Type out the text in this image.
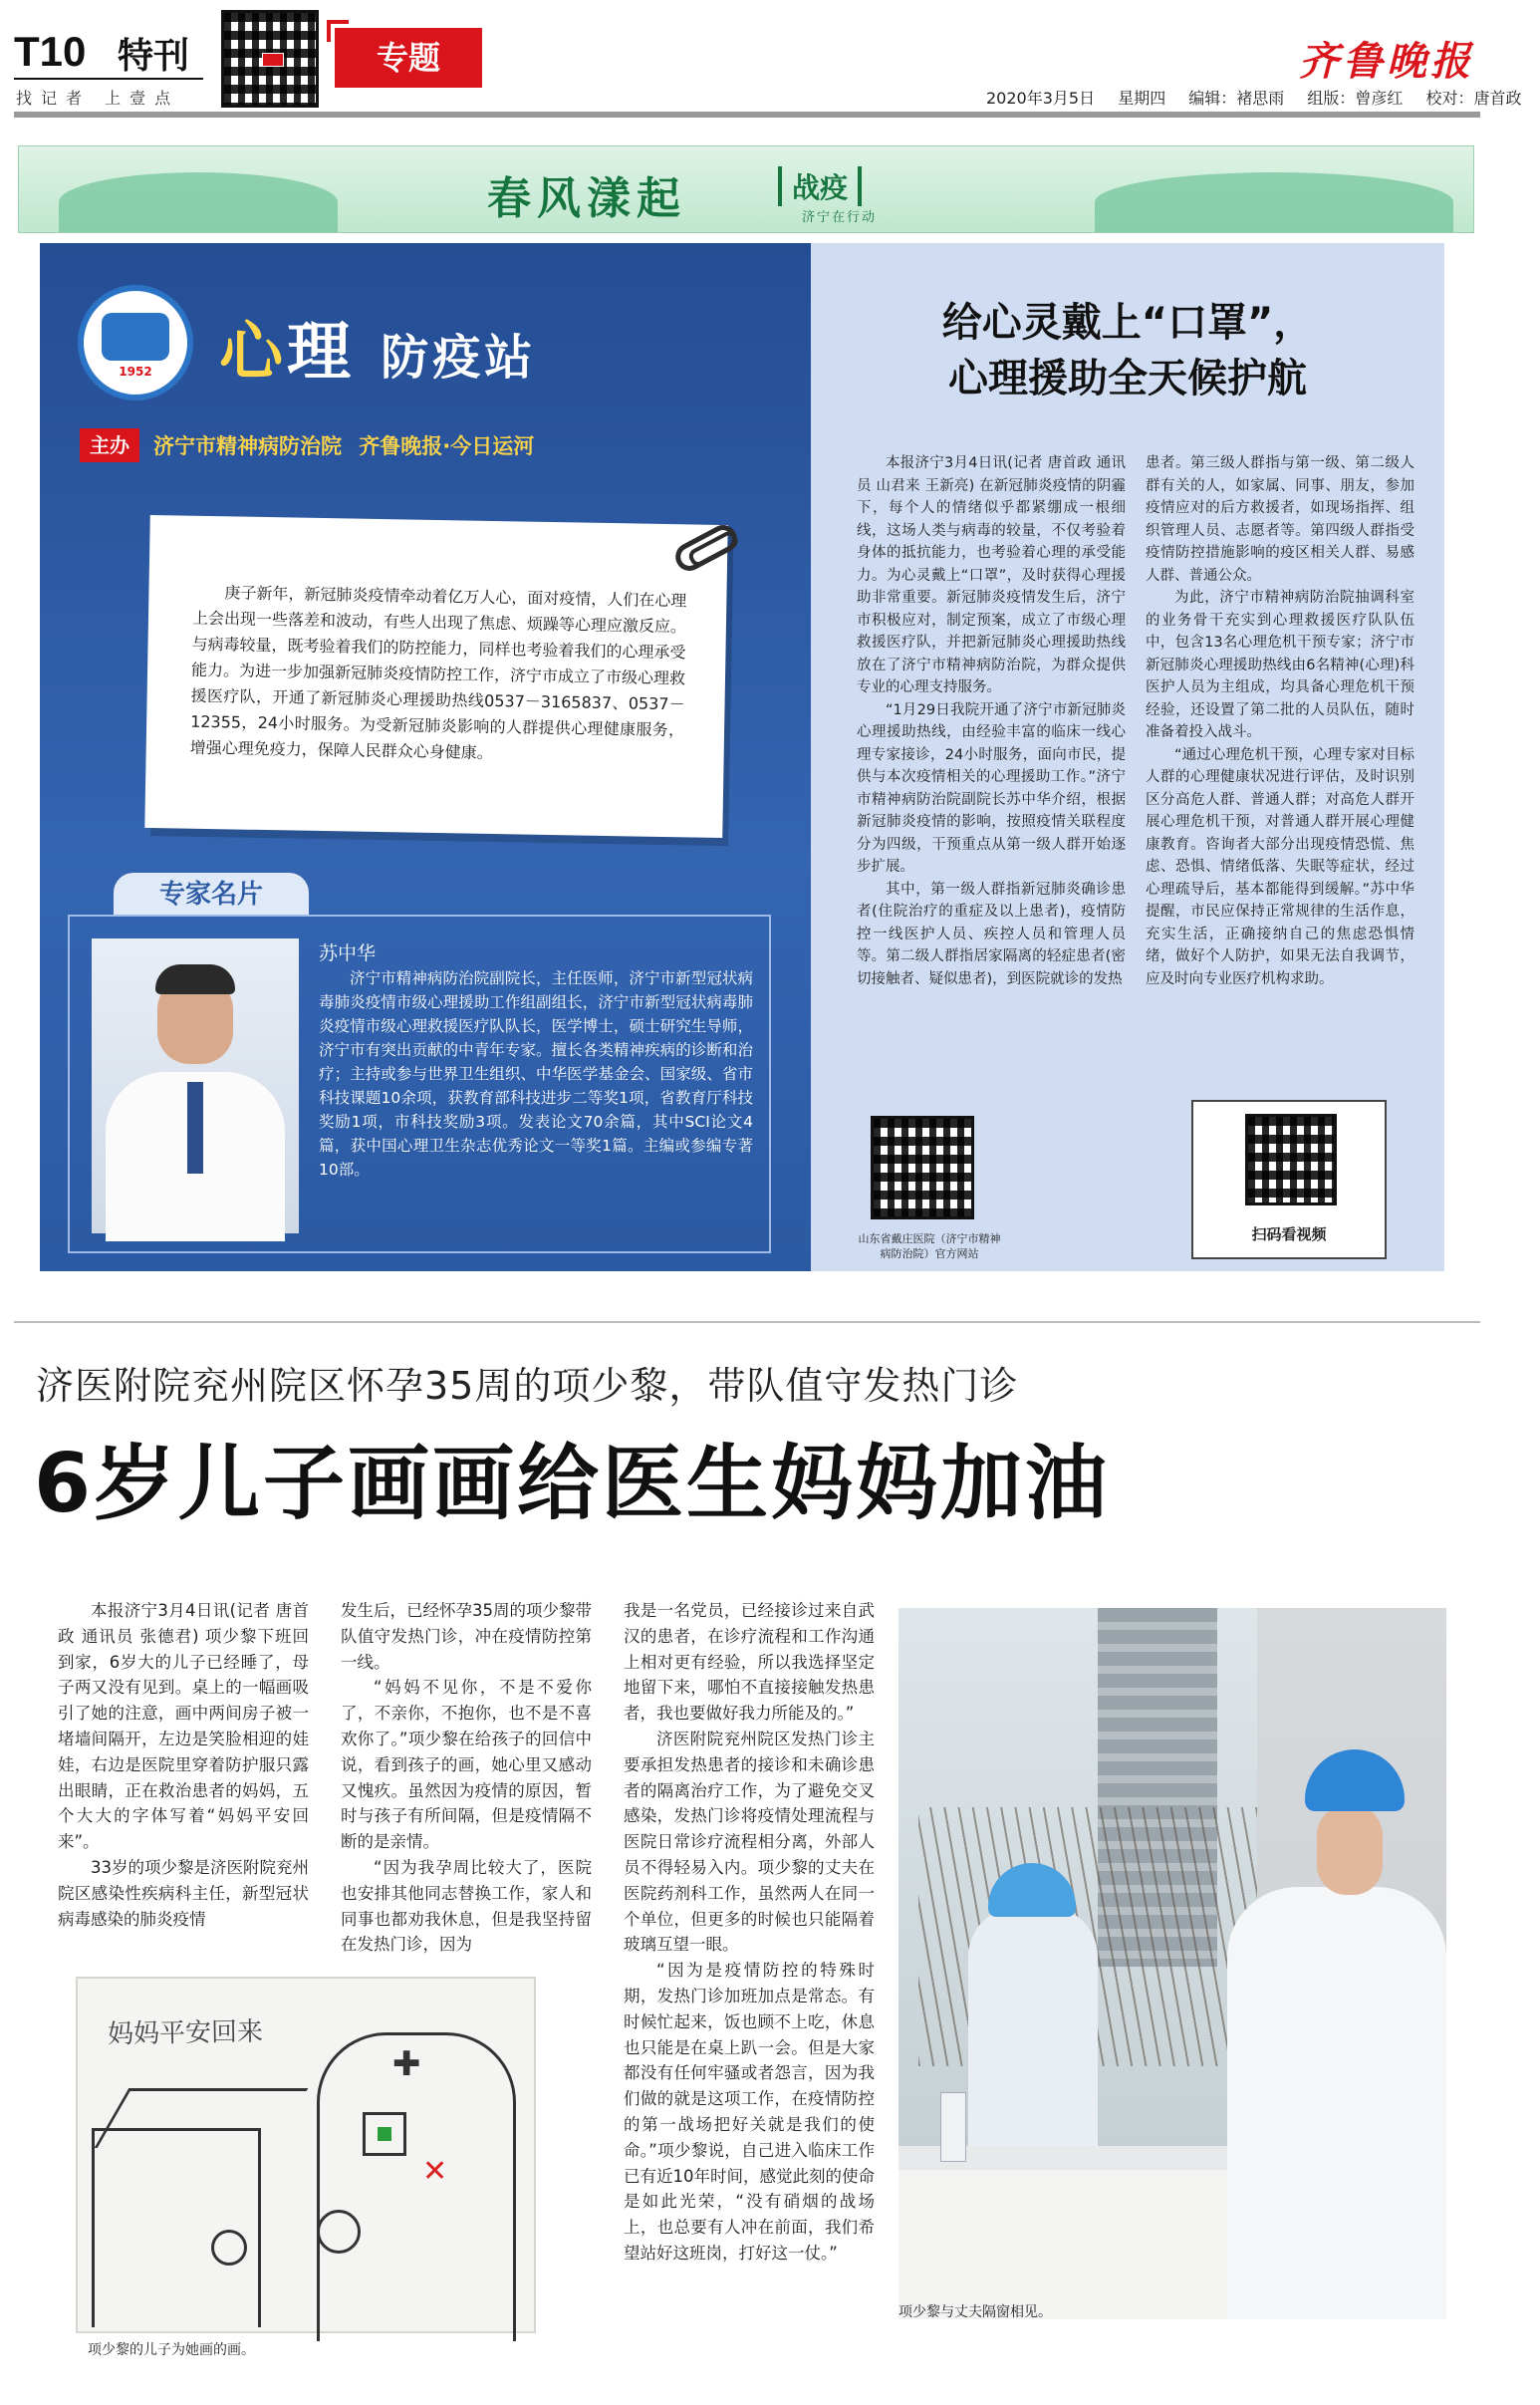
T10 特刊
找记者 上壹点
专题	齐鲁晚报
2020年3月5日 星期四 编辑：褚思雨 组版：曾彦红 校对：唐首政
春风漾起	战疫
济宁在行动
1952	心理 防疫站
主办	济宁市精神病防治院 齐鲁晚报·今日运河

庚子新年，新冠肺炎疫情牵动着亿万人心，面对疫情，人们在心理上会出现一些落差和波动，有些人出现了焦虑、烦躁等心理应激反应。与病毒较量，既考验着我们的防控能力，同样也考验着我们的心理承受能力。为进一步加强新冠肺炎疫情防控工作，济宁市成立了市级心理救援医疗队，开通了新冠肺炎心理援助热线0537－3165837、0537－12355，24小时服务。为受新冠肺炎影响的人群提供心理健康服务，增强心理免疫力，保障人民群众心身健康。

专家名片
苏中华

济宁市精神病防治院副院长，主任医师，济宁市新型冠状病毒肺炎疫情市级心理援助工作组副组长，济宁市新型冠状病毒肺炎疫情市级心理救援医疗队队长，医学博士，硕士研究生导师，济宁市有突出贡献的中青年专家。擅长各类精神疾病的诊断和治疗；主持或参与世界卫生组织、中华医学基金会、国家级、省市科技课题10余项，获教育部科技进步二等奖1项，省教育厅科技奖励1项，市科技奖励3项。发表论文70余篇，其中SCI论文4篇，获中国心理卫生杂志优秀论文一等奖1篇。主编或参编专著10部。

给心灵戴上“口罩”，
心理援助全天候护航

本报济宁3月4日讯(记者 唐首政 通讯员 山君来 王新亮) 在新冠肺炎疫情的阴霾下，每个人的情绪似乎都紧绷成一根细线，这场人类与病毒的较量，不仅考验着身体的抵抗能力，也考验着心理的承受能力。为心灵戴上“口罩”，及时获得心理援助非常重要。新冠肺炎疫情发生后，济宁市积极应对，制定预案，成立了市级心理救援医疗队，并把新冠肺炎心理援助热线放在了济宁市精神病防治院，为群众提供专业的心理支持服务。

“1月29日我院开通了济宁市新冠肺炎心理援助热线，由经验丰富的临床一线心理专家接诊，24小时服务，面向市民，提供与本次疫情相关的心理援助工作。”济宁市精神病防治院副院长苏中华介绍，根据新冠肺炎疫情的影响，按照疫情关联程度分为四级，干预重点从第一级人群开始逐步扩展。

其中，第一级人群指新冠肺炎确诊患者(住院治疗的重症及以上患者)，疫情防控一线医护人员、疾控人员和管理人员等。第二级人群指居家隔离的轻症患者(密切接触者、疑似患者)，到医院就诊的发热

患者。第三级人群指与第一级、第二级人群有关的人，如家属、同事、朋友，参加疫情应对的后方救援者，如现场指挥、组织管理人员、志愿者等。第四级人群指受疫情防控措施影响的疫区相关人群、易感人群、普通公众。

为此，济宁市精神病防治院抽调科室的业务骨干充实到心理救援医疗队队伍中，包含13名心理危机干预专家；济宁市新冠肺炎心理援助热线由6名精神(心理)科医护人员为主组成，均具备心理危机干预经验，还设置了第二批的人员队伍，随时准备着投入战斗。

“通过心理危机干预，心理专家对目标人群的心理健康状况进行评估，及时识别区分高危人群、普通人群；对高危人群开展心理危机干预，对普通人群开展心理健康教育。咨询者大部分出现疫情恐慌、焦虑、恐惧、情绪低落、失眠等症状，经过心理疏导后，基本都能得到缓解。”苏中华提醒，市民应保持正常规律的生活作息，充实生活，正确接纳自己的焦虑恐惧情绪，做好个人防护，如果无法自我调节，应及时向专业医疗机构求助。

山东省戴庄医院（济宁市精神病防治院）官方网站
扫码看视频
济医附院兖州院区怀孕35周的项少黎，带队值守发热门诊
6岁儿子画画给医生妈妈加油

本报济宁3月4日讯(记者 唐首政 通讯员 张德君) 项少黎下班回到家，6岁大的儿子已经睡了，母子两又没有见到。桌上的一幅画吸引了她的注意，画中两间房子被一堵墙间隔开，左边是笑脸相迎的娃娃，右边是医院里穿着防护服只露出眼睛，正在救治患者的妈妈，五个大大的字体写着“妈妈平安回来”。

33岁的项少黎是济医附院兖州院区感染性疾病科主任，新型冠状病毒感染的肺炎疫情

发生后，已经怀孕35周的项少黎带队值守发热门诊，冲在疫情防控第一线。

“妈妈不见你，不是不爱你了，不亲你，不抱你，也不是不喜欢你了。”项少黎在给孩子的回信中说，看到孩子的画，她心里又感动又愧疚。虽然因为疫情的原因，暂时与孩子有所间隔，但是疫情隔不断的是亲情。

“因为我孕周比较大了，医院也安排其他同志替换工作，家人和同事也都劝我休息，但是我坚持留在发热门诊，因为

我是一名党员，已经接诊过来自武汉的患者，在诊疗流程和工作沟通上相对更有经验，所以我选择坚定地留下来，哪怕不直接接触发热患者，我也要做好我力所能及的。”

济医附院兖州院区发热门诊主要承担发热患者的接诊和未确诊患者的隔离治疗工作，为了避免交叉感染，发热门诊将疫情处理流程与医院日常诊疗流程相分离，外部人员不得轻易入内。项少黎的丈夫在医院药剂科工作，虽然两人在同一个单位，但更多的时候也只能隔着玻璃互望一眼。

“因为是疫情防控的特殊时期，发热门诊加班加点是常态。有时候忙起来，饭也顾不上吃，休息也只能是在桌上趴一会。但是大家都没有任何牢骚或者怨言，因为我们做的就是这项工作，在疫情防控的第一战场把好关就是我们的使命。”项少黎说，自己进入临床工作已有近10年时间，感觉此刻的使命是如此光荣，“没有硝烟的战场上，也总要有人冲在前面，我们希望站好这班岗，打好这一仗。”

妈妈平安回来
✚
✕
项少黎的儿子为她画的画。
项少黎与丈夫隔窗相见。
